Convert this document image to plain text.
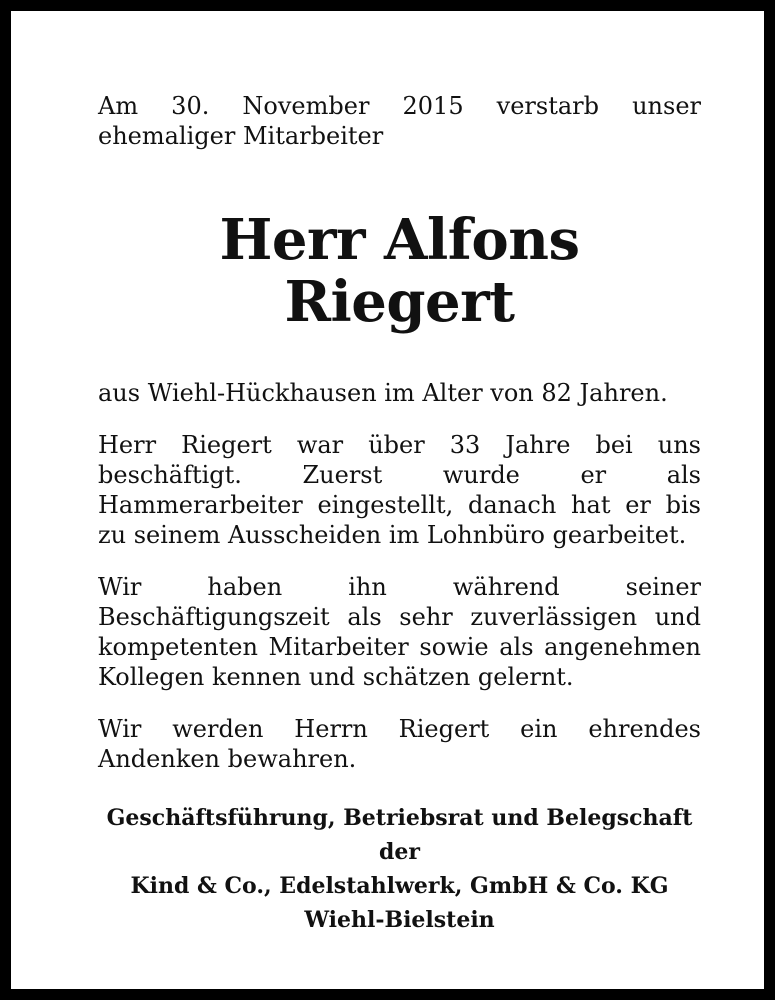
Am 30. November 2015 verstarb unser ehemaliger Mitarbeiter

Herr Alfons Riegert

aus Wiehl-Hückhausen im Alter von 82 Jahren.

Herr Riegert war über 33 Jahre bei uns beschäftigt. Zuerst wurde er als Hammerarbeiter eingestellt, danach hat er bis zu seinem Ausscheiden im Lohnbüro gearbeitet.

Wir haben ihn während seiner Beschäftigungszeit als sehr zuverlässigen und kompetenten Mitarbeiter sowie als angenehmen Kollegen kennen und schätzen gelernt.

Wir werden Herrn Riegert ein ehrendes Andenken bewahren.

Geschäftsführung, Betriebsrat und Belegschaft
der
Kind & Co., Edelstahlwerk, GmbH & Co. KG
Wiehl-Bielstein
